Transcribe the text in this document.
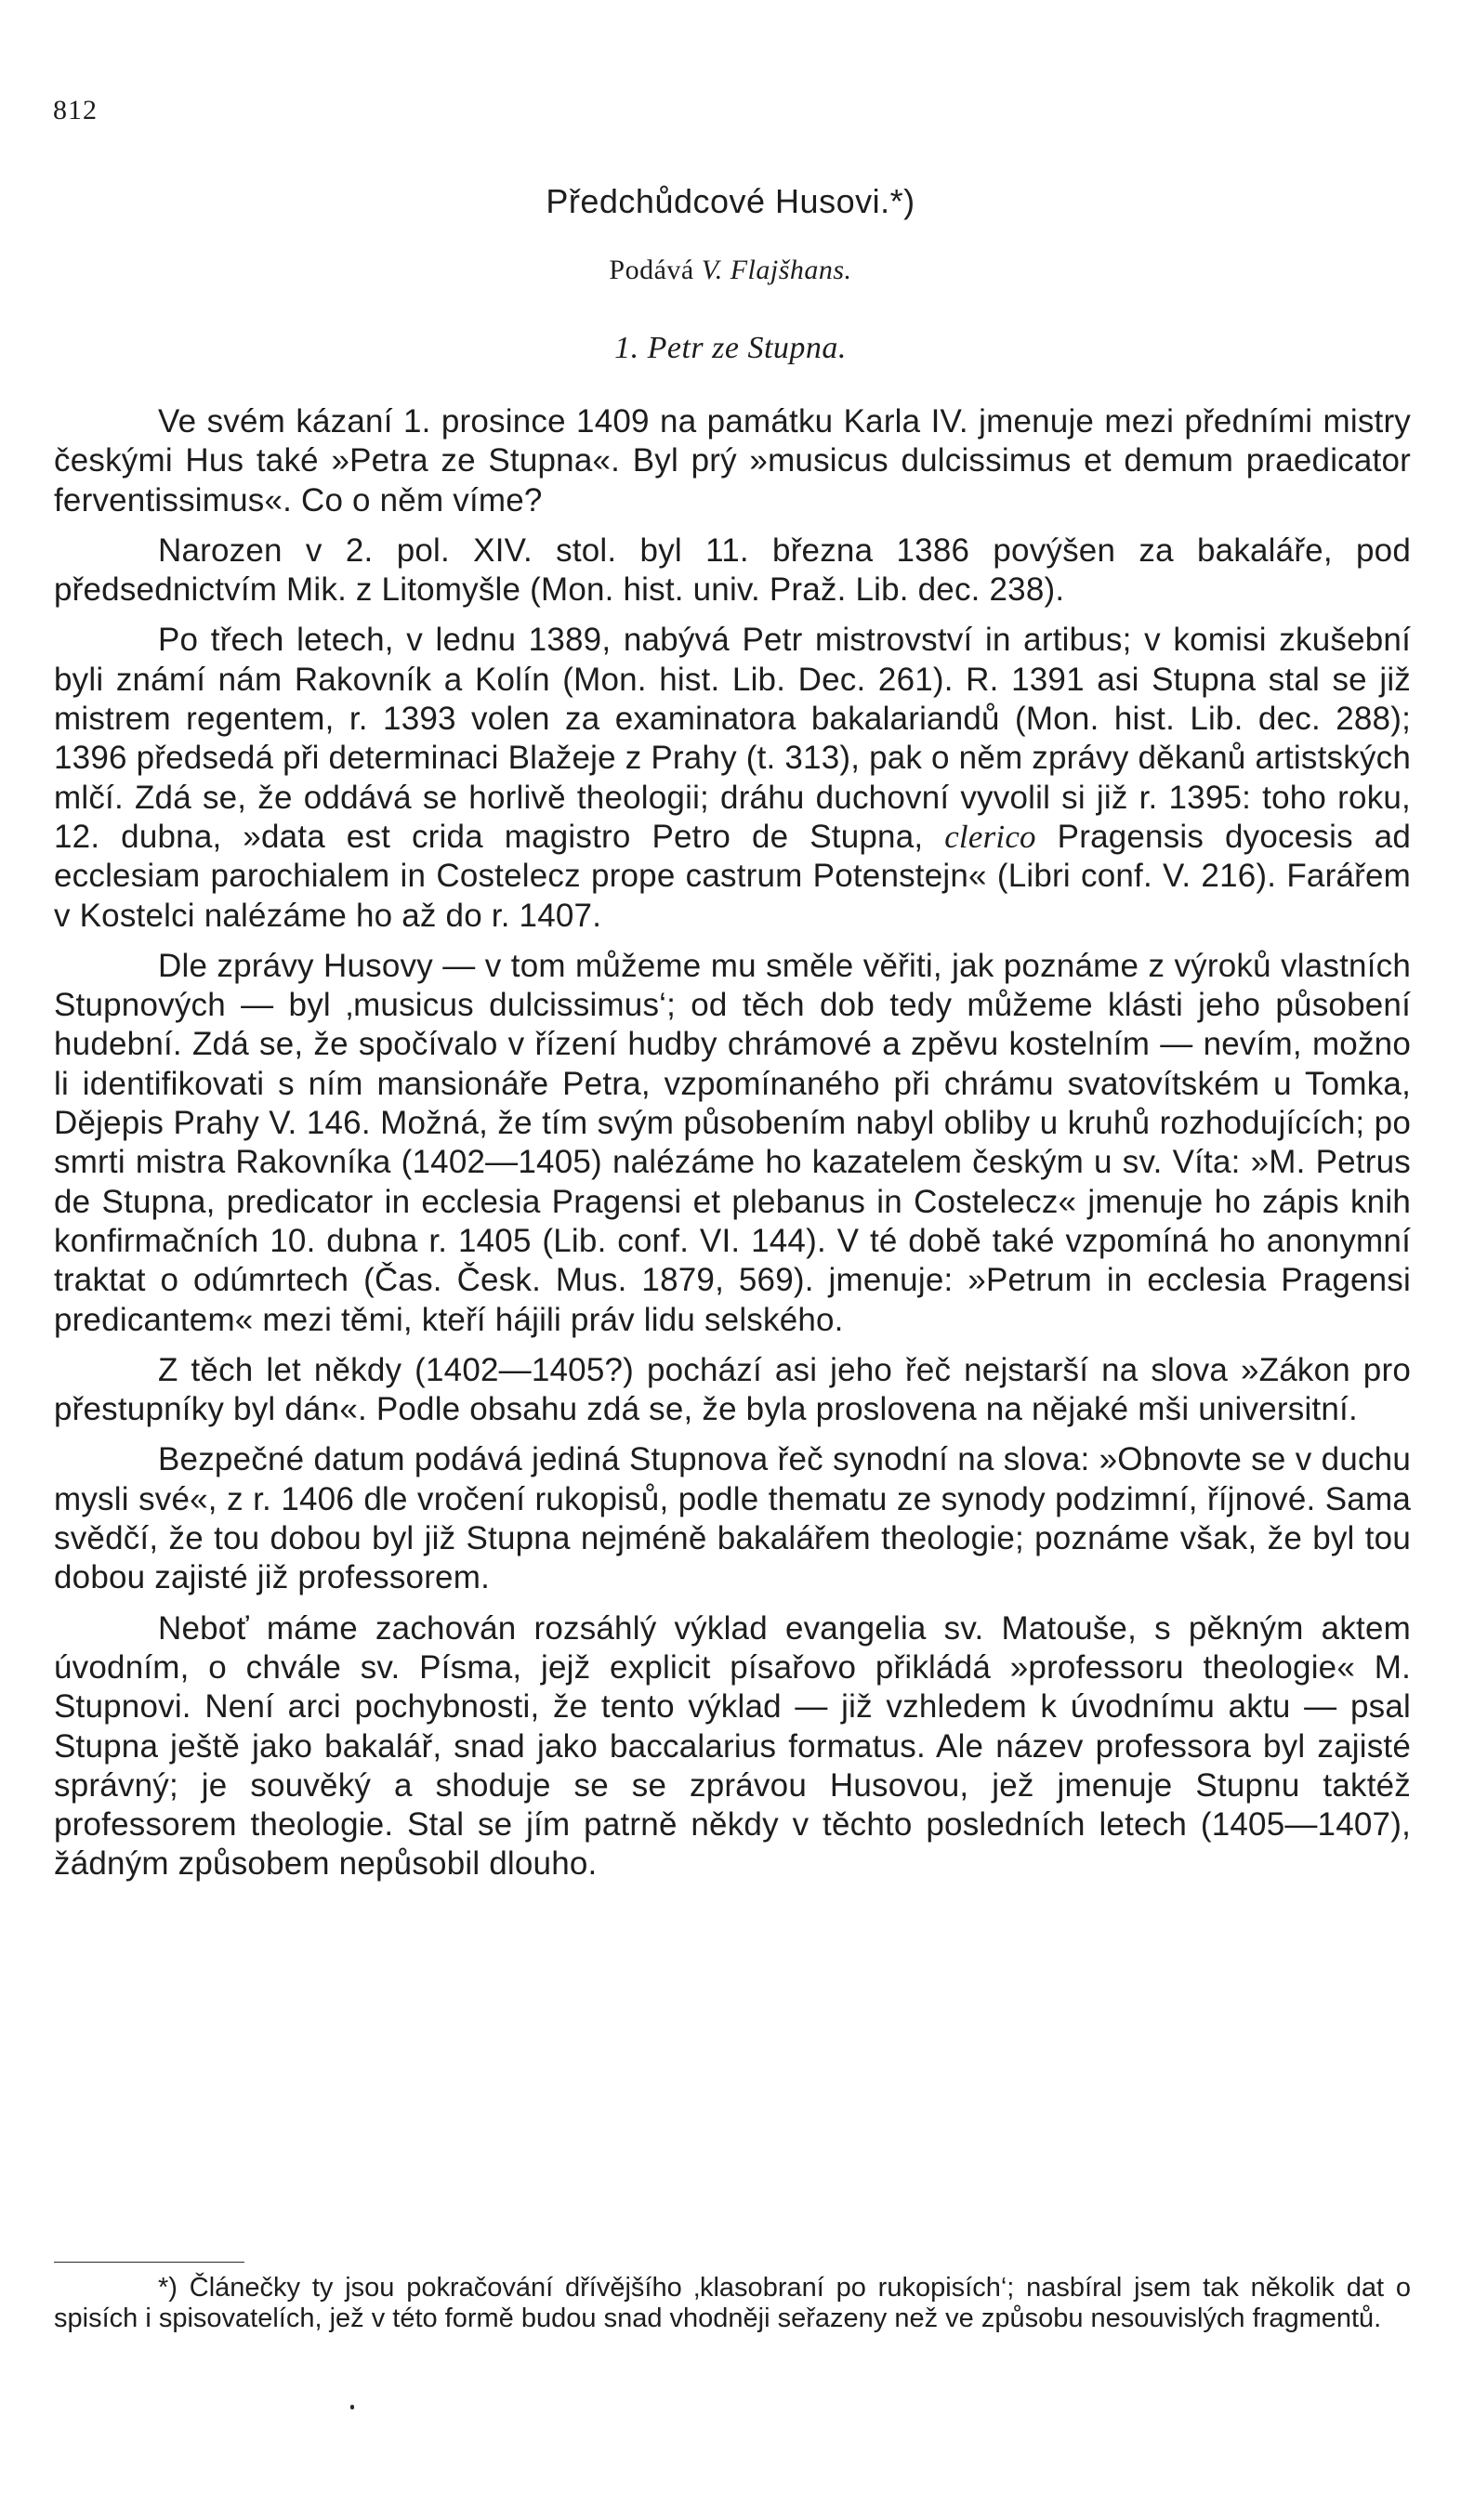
812
Předchůdcové Husovi.*)
Podává V. Flajšhans.
1. Petr ze Stupna.

Ve svém kázaní 1. prosince 1409 na památku Karla IV. jmenuje mezi předními mistry českými Hus také »Petra ze Stupna«. Byl prý »musicus dulcissimus et demum praedicator ferventissimus«. Co o něm víme?

Narozen v 2. pol. XIV. stol. byl 11. března 1386 povýšen za bakaláře, pod předsednictvím Mik. z Litomyšle (Mon. hist. univ. Praž. Lib. dec. 238).

Po třech letech, v lednu 1389, nabývá Petr mistrovství in artibus; v komisi zkušební byli známí nám Rakovník a Kolín (Mon. hist. Lib. Dec. 261). R. 1391 asi Stupna stal se již mistrem regentem, r. 1393 volen za examinatora bakalariandů (Mon. hist. Lib. dec. 288); 1396 předsedá při determinaci Blažeje z Prahy (t. 313), pak o něm zprávy děkanů artistských mlčí. Zdá se, že oddává se horlivě theologii; dráhu duchovní vyvolil si již r. 1395: toho roku, 12. dubna, »data est crida magistro Petro de Stupna, clerico Pragensis dyocesis ad ecclesiam parochialem in Costelecz prope castrum Potenstejn« (Libri conf. V. 216). Farářem v Kostelci nalézáme ho až do r. 1407.

Dle zprávy Husovy — v tom můžeme mu směle věřiti, jak poznáme z výroků vlastních Stupnových — byl ‚musicus dulcissimus‘; od těch dob tedy můžeme klásti jeho působení hudební. Zdá se, že spočívalo v řízení hudby chrámové a zpěvu kostelním — nevím, možno li identifikovati s ním mansionáře Petra, vzpomínaného při chrámu svatovítském u Tomka, Dějepis Prahy V. 146. Možná, že tím svým působením nabyl obliby u kruhů rozhodujících; po smrti mistra Rakovníka (1402—1405) nalézáme ho kazatelem českým u sv. Víta: »M. Petrus de Stupna, predicator in ecclesia Pragensi et plebanus in Costelecz« jmenuje ho zápis knih konfirmačních 10. dubna r. 1405 (Lib. conf. VI. 144). V té době také vzpomíná ho anonymní traktat o odúmrtech (Čas. Česk. Mus. 1879, 569). jmenuje: »Petrum in ecclesia Pragensi predicantem« mezi těmi, kteří hájili práv lidu selského.

Z těch let někdy (1402—1405?) pochází asi jeho řeč nejstarší na slova »Zákon pro přestupníky byl dán«. Podle obsahu zdá se, že byla proslovena na nějaké mši universitní.

Bezpečné datum podává jediná Stupnova řeč synodní na slova: »Obnovte se v duchu mysli své«, z r. 1406 dle vročení rukopisů, podle thematu ze synody podzimní, říjnové. Sama svědčí, že tou dobou byl již Stupna nejméně bakalářem theologie; poznáme však, že byl tou dobou zajisté již professorem.

Neboť máme zachován rozsáhlý výklad evangelia sv. Matouše, s pěkným aktem úvodním, o chvále sv. Písma, jejž explicit písařovo přikládá »professoru theologie« M. Stupnovi. Není arci pochybnosti, že tento výklad — již vzhledem k úvodnímu aktu — psal Stupna ještě jako bakalář, snad jako baccalarius formatus. Ale název professora byl zajisté správný; je souvěký a shoduje se se zprávou Husovou, jež jmenuje Stupnu taktéž professorem theologie. Stal se jím patrně někdy v těchto posledních letech (1405—1407), žádným způsobem nepůsobil dlouho.

*) Článečky ty jsou pokračování dřívějšího ‚klasobraní po rukopisích‘; nasbíral jsem tak několik dat o spisích i spisovatelích, jež v této formě budou snad vhodněji seřazeny než ve způsobu nesouvislých fragmentů.
